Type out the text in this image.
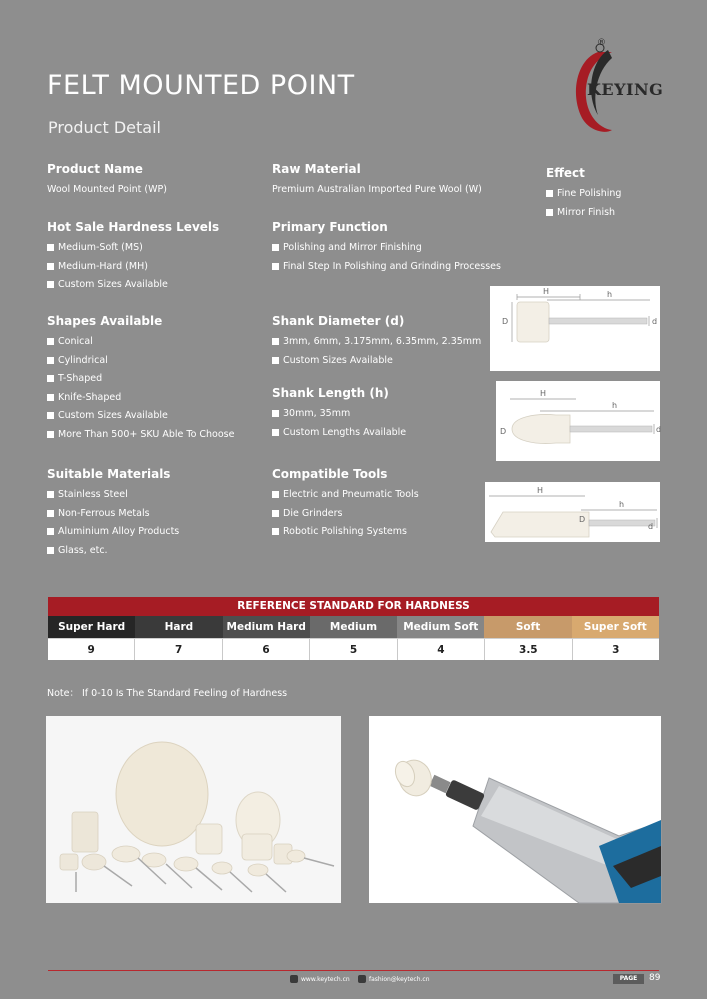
FELT MOUNTED POINT
Product Detail
KEYING
®
Product Name

Wool Mounted Point (WP)

Raw Material

Premium Australian Imported Pure Wool (W)

Effect
Fine Polishing
Mirror Finish
Hot Sale Hardness Levels
Medium-Soft (MS)
Medium-Hard (MH)
Custom Sizes Available
Primary Function
Polishing and Mirror Finishing
Final Step In Polishing and Grinding Processes
Shapes Available
Conical
Cylindrical
T-Shaped
Knife-Shaped
Custom Sizes Available
More Than 500+ SKU Able To Choose
Shank Diameter (d)
3mm, 6mm, 3.175mm, 6.35mm, 2.35mm
Custom Sizes Available
Shank Length (h)
30mm, 35mm
Custom Lengths Available
Suitable Materials
Stainless Steel
Non-Ferrous Metals
Aluminium Alloy Products
Glass, etc.
Compatible Tools
Electric and Pneumatic Tools
Die Grinders
Robotic Polishing Systems
H	h
D	d
H
h
D	d
H
h
D
d
REFERENCE STANDARD FOR HARDNESS
Super Hard	Hard	Medium Hard	Medium	Medium Soft	Soft	Super Soft
9	7	6	5	4	3.5	3
Note： If 0-10 Is The Standard Feeling of Hardness
www.keytech.cn	fashion@keytech.cn	PAGE	89
